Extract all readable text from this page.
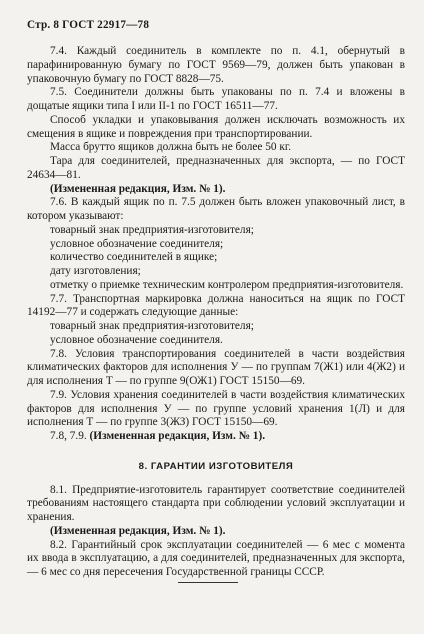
Стр. 8 ГОСТ 22917—78

7.4. Каждый соединитель в комплекте по п. 4.1, обернутый в парафинированную бумагу по ГОСТ 9569—79, должен быть упакован в упаковочную бумагу по ГОСТ 8828—75.

7.5. Соединители должны быть упакованы по п. 7.4 и вложены в дощатые ящики типа I или II-1 по ГОСТ 16511—77.

Способ укладки и упаковывания должен исключать возможность их смещения в ящике и повреждения при транспортировании.

Масса брутто ящиков должна быть не более 50 кг.

Тара для соединителей, предназначенных для экспорта, — по ГОСТ 24634—81.

(Измененная редакция, Изм. № 1).

7.6. В каждый ящик по п. 7.5 должен быть вложен упаковочный лист, в котором указывают:

товарный знак предприятия-изготовителя;

условное обозначение соединителя;

количество соединителей в ящике;

дату изготовления;

отметку о приемке техническим контролером предприятия-изготовителя.

7.7. Транспортная маркировка должна наноситься на ящик по ГОСТ 14192—77 и содержать следующие данные:

товарный знак предприятия-изготовителя;

условное обозначение соединителя.

7.8. Условия транспортирования соединителей в части воздействия климатических факторов для исполнения У — по группам 7(Ж1) или 4(Ж2) и для исполнения Т — по группе 9(ОЖ1) ГОСТ 15150—69.

7.9. Условия хранения соединителей в части воздействия климатических факторов для исполнения У — по группе условий хранения 1(Л) и для исполнения Т — по группе 3(ЖЗ) ГОСТ 15150—69.

7.8, 7.9. (Измененная редакция, Изм. № 1).

8. ГАРАНТИИ ИЗГОТОВИТЕЛЯ

8.1. Предприятие-изготовитель гарантирует соответствие соединителей требованиям настоящего стандарта при соблюдении условий эксплуатации и хранения.

(Измененная редакция, Изм. № 1).

8.2. Гарантийный срок эксплуатации соединителей — 6 мес с момента их ввода в эксплуатацию, а для соединителей, предназначенных для экспорта, — 6 мес со дня пересечения Государственной границы СССР.
